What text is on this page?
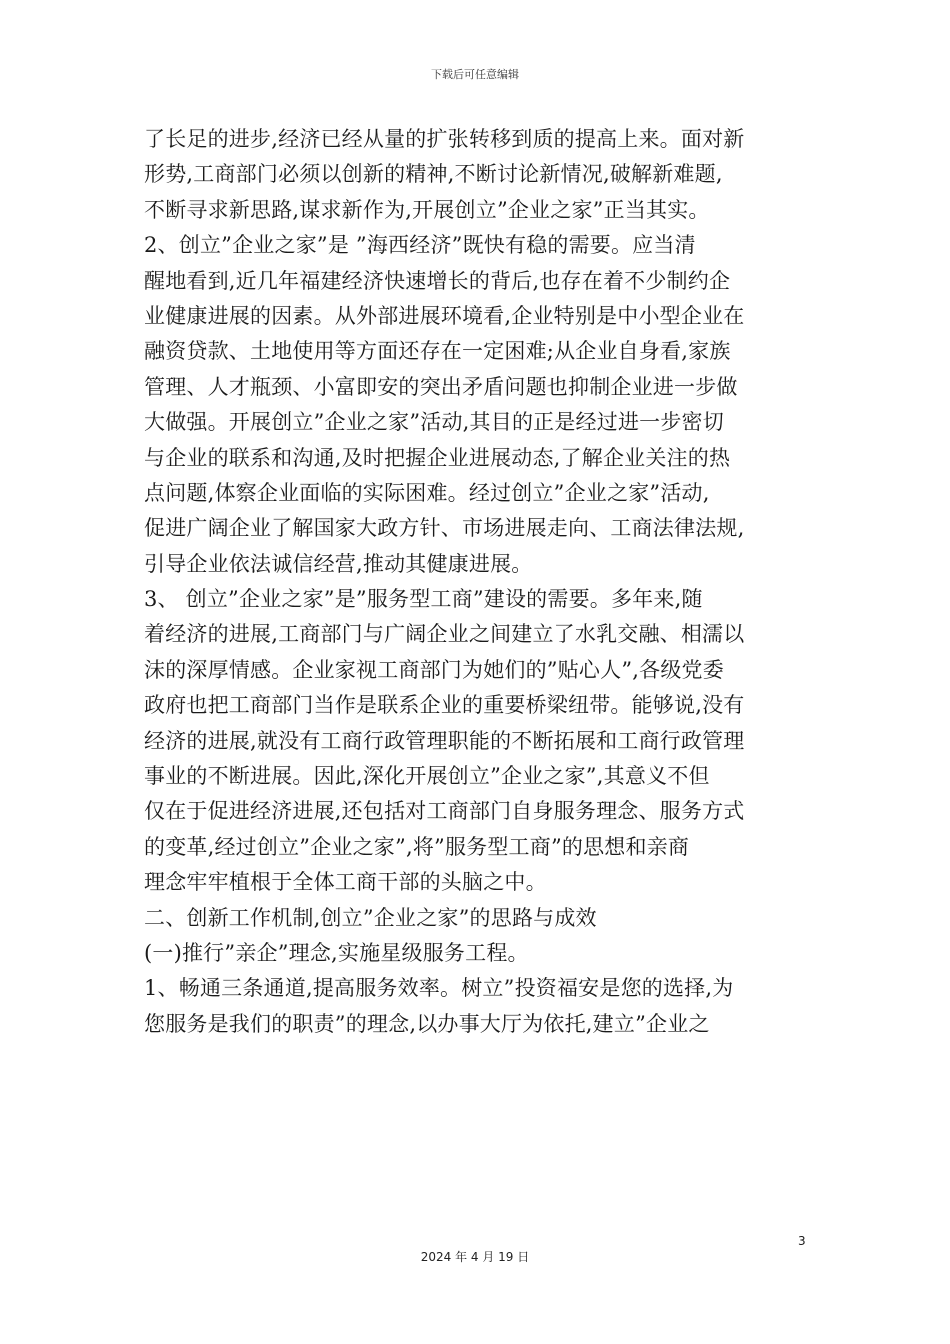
下载后可任意编辑
了长足的进步,经济已经从量的扩张转移到质的提高上来。面对新
形势,工商部门必须以创新的精神,不断讨论新情况,破解新难题,
不断寻求新思路,谋求新作为,开展创立”企业之家”正当其实。
2、创立”企业之家”是 ”海西经济”既快有稳的需要。应当清
醒地看到,近几年福建经济快速增长的背后,也存在着不少制约企
业健康进展的因素。从外部进展环境看,企业特别是中小型企业在
融资贷款、土地使用等方面还存在一定困难;从企业自身看,家族
管理、人才瓶颈、小富即安的突出矛盾问题也抑制企业进一步做
大做强。开展创立”企业之家”活动,其目的正是经过进一步密切
与企业的联系和沟通,及时把握企业进展动态,了解企业关注的热
点问题,体察企业面临的实际困难。经过创立”企业之家”活动,
促进广阔企业了解国家大政方针、市场进展走向、工商法律法规,
引导企业依法诚信经营,推动其健康进展。
3、 创立”企业之家”是”服务型工商”建设的需要。多年来,随
着经济的进展,工商部门与广阔企业之间建立了水乳交融、相濡以
沫的深厚情感。企业家视工商部门为她们的”贴心人”,各级党委
政府也把工商部门当作是联系企业的重要桥梁纽带。能够说,没有
经济的进展,就没有工商行政管理职能的不断拓展和工商行政管理
事业的不断进展。因此,深化开展创立”企业之家”,其意义不但
仅在于促进经济进展,还包括对工商部门自身服务理念、服务方式
的变革,经过创立”企业之家”,将”服务型工商”的思想和亲商
理念牢牢植根于全体工商干部的头脑之中。
二、创新工作机制,创立”企业之家”的思路与成效
(一)推行”亲企”理念,实施星级服务工程。
1、畅通三条通道,提高服务效率。树立”投资福安是您的选择,为
您服务是我们的职责”的理念,以办事大厅为依托,建立”企业之
3
2024 年 4 月 19 日
